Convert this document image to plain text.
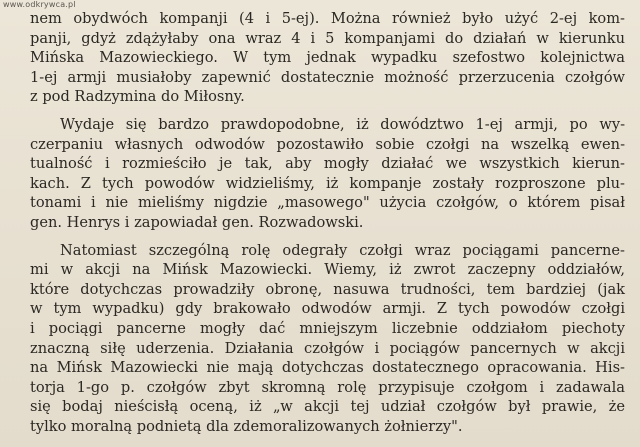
www.odkrywca.pl
nem obydwóch kompanji (4 i 5-ej). Można również było użyć 2-ej kom-
panji, gdyż zdążyłaby ona wraz 4 i 5 kompanjami do działań w kierunku
Mińska Mazowieckiego. W tym jednak wypadku szefostwo kolejnictwa
1-ej armji musiałoby zapewnić dostatecznie możność przerzucenia czołgów
z pod Radzymina do Miłosny.
Wydaje się bardzo prawdopodobne, iż dowództwo 1-ej armji, po wy-
czerpaniu własnych odwodów pozostawiło sobie czołgi na wszelką ewen-
tualność i rozmieściło je tak, aby mogły działać we wszystkich kierun-
kach. Z tych powodów widzieliśmy, iż kompanje zostały rozproszone plu-
tonami i nie mieliśmy nigdzie „masowego" użycia czołgów, o którem pisał
gen. Henrys i zapowiadał gen. Rozwadowski.
Natomiast szczególną rolę odegrały czołgi wraz pociągami pancerne-
mi w akcji na Mińsk Mazowiecki. Wiemy, iż zwrot zaczepny oddziałów,
które dotychczas prowadziły obronę, nasuwa trudności, tem bardziej (jak
w tym wypadku) gdy brakowało odwodów armji. Z tych powodów czołgi
i pociągi pancerne mogły dać mniejszym liczebnie oddziałom piechoty
znaczną siłę uderzenia. Działania czołgów i pociągów pancernych w akcji
na Mińsk Mazowiecki nie mają dotychczas dostatecznego opracowania. His-
torja 1-go p. czołgów zbyt skromną rolę przypisuje czołgom i zadawala
się bodaj nieścisłą oceną, iż „w akcji tej udział czołgów był prawie, że
tylko moralną podnietą dla zdemoralizowanych żołnierzy".
